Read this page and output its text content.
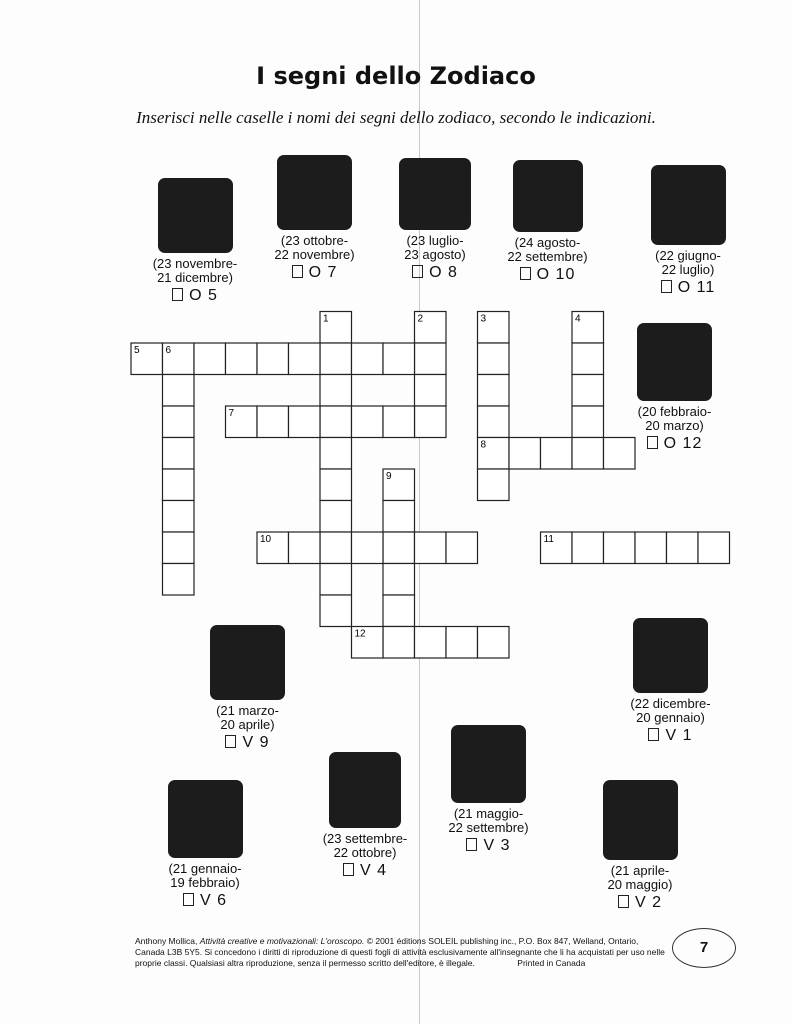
I segni dello Zodiaco
Inserisci nelle caselle i nomi dei segni dello zodiaco, secondo le indicazioni.
(23 novembre-
21 dicembre)
O 5
(23 ottobre-
22 novembre)
O 7
(23 luglio-
23 agosto)
O 8
(24 agosto-
22 settembre)
O 10
(22 giugno-
22 luglio)
O 11
(20 febbraio-
20 marzo)
O 12
(21 marzo-
20 aprile)
V 9
(22 dicembre-
20 gennaio)
V 1
(21 maggio-
22 settembre)
V 3
(23 settembre-
22 ottobre)
V 4
(21 gennaio-
19 febbraio)
V 6
(21 aprile-
20 maggio)
V 2
1	2	3	4
5	6
7
8
9
10	11
12
Anthony Mollica, Attività creative e motivazionali: L'oroscopo. © 2001 éditions SOLEIL publishing inc., P.O. Box 847, Welland, Ontario, Canada L3B 5Y5. Si concedono i diritti di riproduzione di questi fogli di attività esclusivamente all'insegnante che li ha acquistati per uso nelle proprie classi. Qualsiasi altra riproduzione, senza il permesso scritto dell'editore, è illegale.	Printed in Canada
7
